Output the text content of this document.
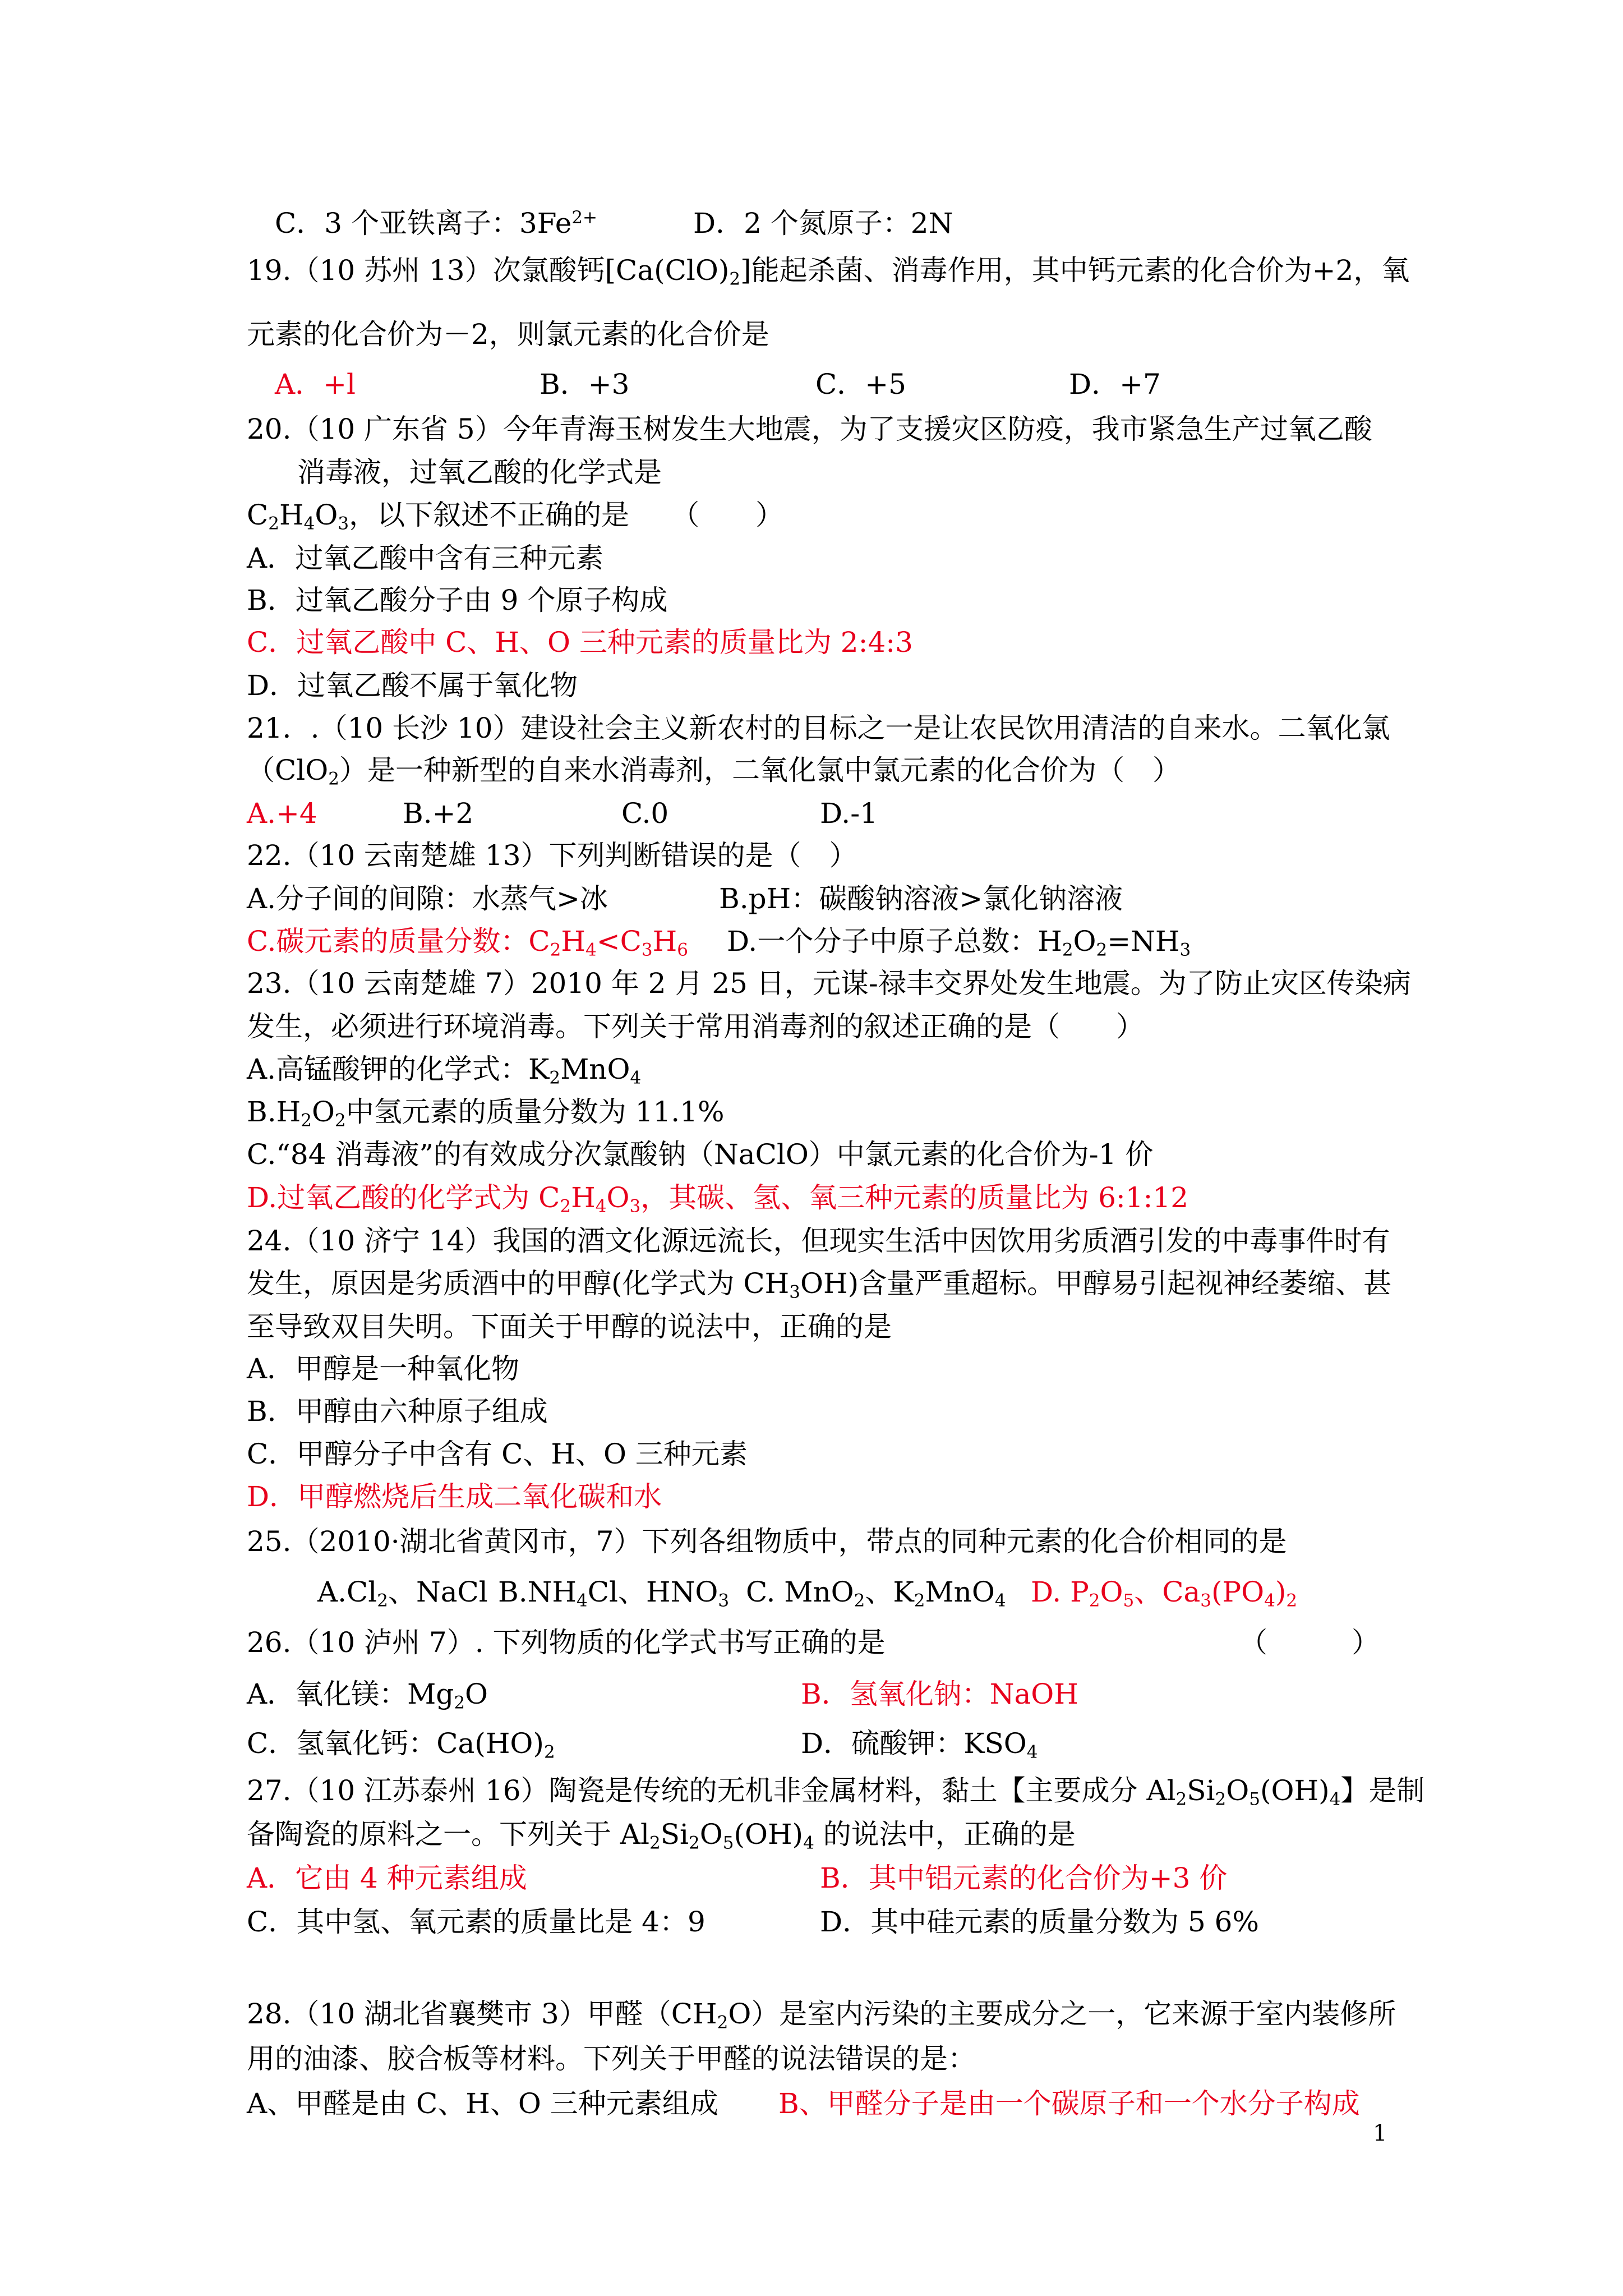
C．3 个亚铁离子：$3Fe^{2+}$	D．2 个氮原子：2N
19.（10 苏州 13）次氯酸钙$[Ca(ClO)_2]$能起杀菌、消毒作用，其中钙元素的化合价为+2，氧
元素的化合价为－2，则氯元素的化合价是
A．+l	B．+3	C．+5	D．+7
20.（10 广东省 5）今年青海玉树发生大地震，为了支援灾区防疫，我市紧急生产过氧乙酸
消毒液，过氧乙酸的化学式是
$C_2H_4O_3$，以下叙述不正确的是　　（　　）
A．过氧乙酸中含有三种元素
B．过氧乙酸分子由 9 个原子构成
C．过氧乙酸中 C、H、O 三种元素的质量比为 2:4:3
D．过氧乙酸不属于氧化物
21．.（10 长沙 10）建设社会主义新农村的目标之一是让农民饮用清洁的自来水。二氧化氯
（ClO$_2$）是一种新型的自来水消毒剂，二氧化氯中氯元素的化合价为（　）
A.+4	B.+2	C.0	D.-1
22.（10 云南楚雄 13）下列判断错误的是（　）
A.分子间的间隙：水蒸气>冰	B.pH：碳酸钠溶液>氯化钠溶液
C.碳元素的质量分数：$C_2H_4<C_3H_6$ D.一个分子中原子总数：$H_2O_2=NH_3$
23.（10 云南楚雄 7）2010 年 2 月 25 日，元谋-禄丰交界处发生地震。为了防止灾区传染病
发生，必须进行环境消毒。下列关于常用消毒剂的叙述正确的是（　　）
A.高锰酸钾的化学式：$K_2MnO_4$
$B.H_2O_2$中氢元素的质量分数为 11.1%
C.“84 消毒液”的有效成分次氯酸钠（NaClO）中氯元素的化合价为-1 价
D.过氧乙酸的化学式为 $C_2H_4O_3$，其碳、氢、氧三种元素的质量比为 6:1:12
24.（10 济宁 14）我国的酒文化源远流长，但现实生活中因饮用劣质酒引发的中毒事件时有
发生，原因是劣质酒中的甲醇(化学式为 $CH_3OH$)含量严重超标。甲醇易引起视神经萎缩、甚
至导致双目失明。下面关于甲醇的说法中，正确的是
A．甲醇是一种氧化物
B．甲醇由六种原子组成
C．甲醇分子中含有 C、H、O 三种元素
D．甲醇燃烧后生成二氧化碳和水
25.（2010·湖北省黄冈市，7）下列各组物质中，带点的同种元素的化合价相同的是
$A.Cl_2$、NaCl $B.NH_4Cl$、$HNO_3$ C. MnO$_2$、$K_2MnO_4$ D. $P_2O_5$、$Ca_3(PO_4)_2$
26.（10 泸州 7）. 下列物质的化学式书写正确的是	（　　　）
A．氧化镁：$Mg_2O$	B．氢氧化钠：NaOH
C．氢氧化钙：$Ca(HO)_2$	D．硫酸钾：$KSO_4$
27.（10 江苏泰州 16）陶瓷是传统的无机非金属材料，黏土【主要成分 $Al_2Si_2O_5(OH)_4$】是制
备陶瓷的原料之一。下列关于 $Al_2Si_2O_5(OH)_4$ 的说法中，正确的是
A．它由 4 种元素组成	B．其中铝元素的化合价为+3 价
C．其中氢、氧元素的质量比是 4：9	D．其中硅元素的质量分数为 5 6%
28.（10 湖北省襄樊市 3）甲醛$(CH_2O)$是室内污染的主要成分之一，它来源于室内装修所
用的油漆、胶合板等材料。下列关于甲醛的说法错误的是：
A、甲醛是由 C、H、O 三种元素组成 B、甲醛分子是由一个碳原子和一个水分子构成
1
